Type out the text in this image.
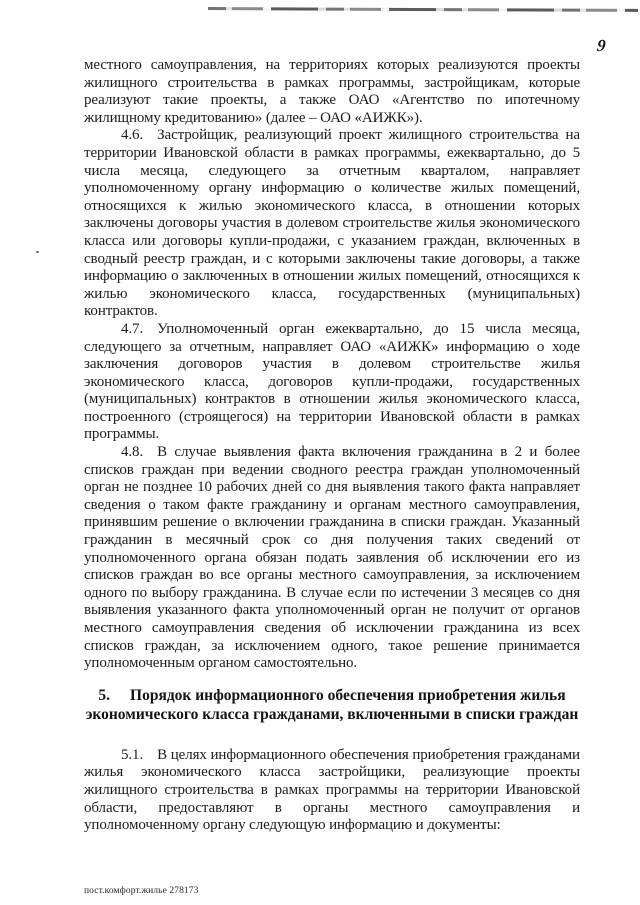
9

местного самоуправления, на территориях которых реализуются проекты жилищного строительства в рамках программы, застройщикам, которые реализуют такие проекты, а также ОАО «Агентство по ипотечному жилищному кредитованию» (далее – ОАО «АИЖК»).

4.6. Застройщик, реализующий проект жилищного строительства на территории Ивановской области в рамках программы, ежеквартально, до 5 числа месяца, следующего за отчетным кварталом, направляет уполномоченному органу информацию о количестве жилых помещений, относящихся к жилью экономического класса, в отношении которых заключены договоры участия в долевом строительстве жилья экономического класса или договоры купли-продажи, с указанием граждан, включенных в сводный реестр граждан, и с которыми заключены такие договоры, а также информацию о заключенных в отношении жилых помещений, относящихся к жилью экономического класса, государственных (муниципальных) контрактов.

4.7. Уполномоченный орган ежеквартально, до 15 числа месяца, следующего за отчетным, направляет ОАО «АИЖК» информацию о ходе заключения договоров участия в долевом строительстве жилья экономического класса, договоров купли-продажи, государственных (муниципальных) контрактов в отношении жилья экономического класса, построенного (строящегося) на территории Ивановской области в рамках программы.

4.8. В случае выявления факта включения гражданина в 2 и более списков граждан при ведении сводного реестра граждан уполномоченный орган не позднее 10 рабочих дней со дня выявления такого факта направляет сведения о таком факте гражданину и органам местного самоуправления, принявшим решение о включении гражданина в списки граждан. Указанный гражданин в месячный срок со дня получения таких сведений от уполномоченного органа обязан подать заявления об исключении его из списков граждан во все органы местного самоуправления, за исключением одного по выбору гражданина. В случае если по истечении 3 месяцев со дня выявления указанного факта уполномоченный орган не получит от органов местного самоуправления сведения об исключении гражданина из всех списков граждан, за исключением одного, такое решение принимается уполномоченным органом самостоятельно.

5. Порядок информационного обеспечения приобретения жилья экономического класса гражданами, включенными в списки граждан

5.1. В целях информационного обеспечения приобретения гражданами жилья экономического класса застройщики, реализующие проекты жилищного строительства в рамках программы на территории Ивановской области, предоставляют в органы местного самоуправления и уполномоченному органу следующую информацию и документы:

пост.комфорт.жилье 278173
